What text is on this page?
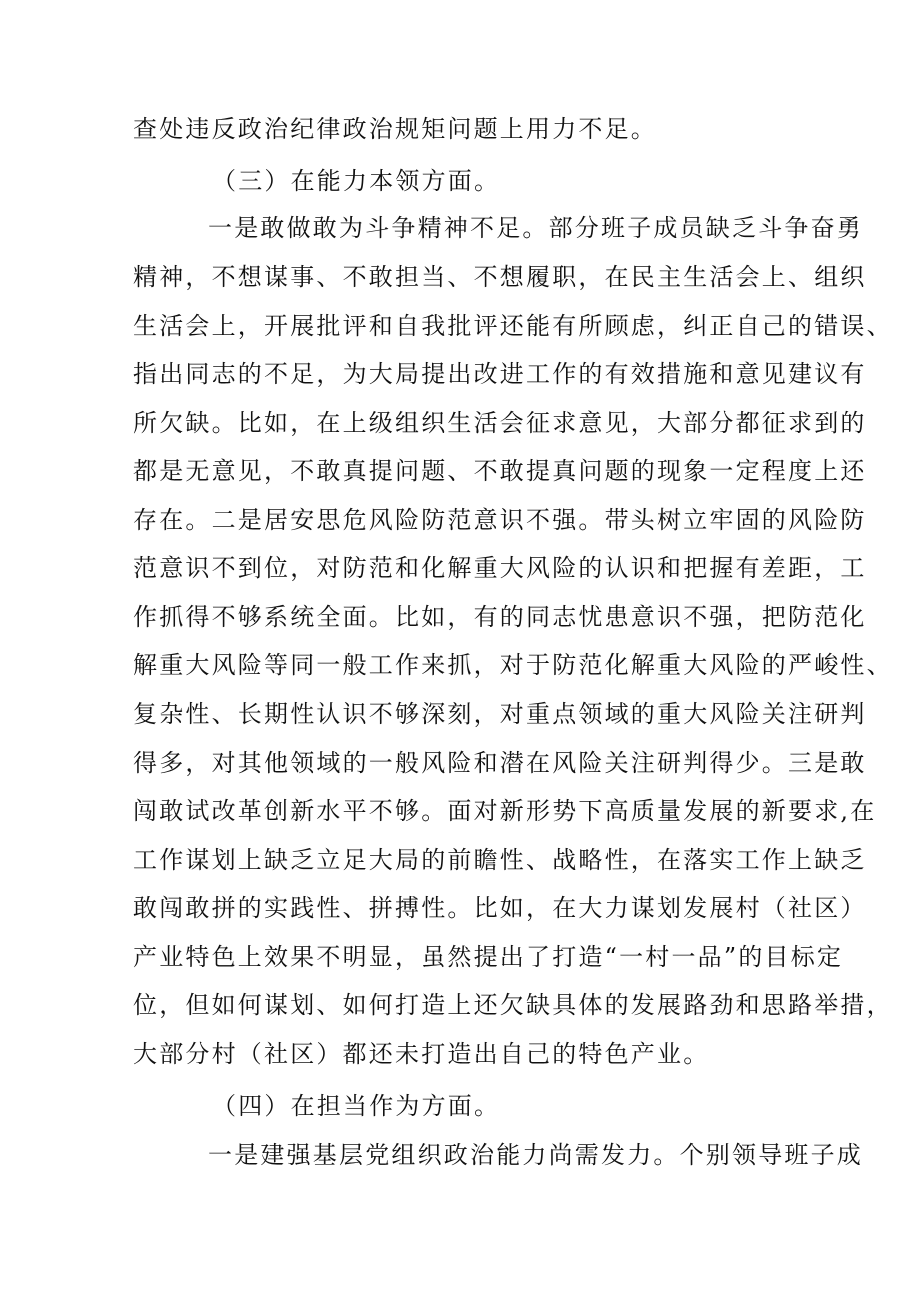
查处违反政治纪律政治规矩问题上用力不足。
（三）在能力本领方面。
一是敢做敢为斗争精神不足。部分班子成员缺乏斗争奋勇
精神，不想谋事、不敢担当、不想履职，在民主生活会上、组织
生活会上，开展批评和自我批评还能有所顾虑，纠正自己的错误、
指出同志的不足，为大局提出改进工作的有效措施和意见建议有
所欠缺。比如，在上级组织生活会征求意见，大部分都征求到的
都是无意见，不敢真提问题、不敢提真问题的现象一定程度上还
存在。二是居安思危风险防范意识不强。带头树立牢固的风险防
范意识不到位，对防范和化解重大风险的认识和把握有差距，工
作抓得不够系统全面。比如，有的同志忧患意识不强，把防范化
解重大风险等同一般工作来抓，对于防范化解重大风险的严峻性、
复杂性、长期性认识不够深刻，对重点领域的重大风险关注研判
得多，对其他领域的一般风险和潜在风险关注研判得少。三是敢
闯敢试改革创新水平不够。面对新形势下高质量发展的新要求,在
工作谋划上缺乏立足大局的前瞻性、战略性，在落实工作上缺乏
敢闯敢拼的实践性、拼搏性。比如，在大力谋划发展村（社区）
产业特色上效果不明显，虽然提出了打造“一村一品”的目标定
位，但如何谋划、如何打造上还欠缺具体的发展路劲和思路举措，
大部分村（社区）都还未打造出自己的特色产业。
（四）在担当作为方面。
一是建强基层党组织政治能力尚需发力。个别领导班子成
